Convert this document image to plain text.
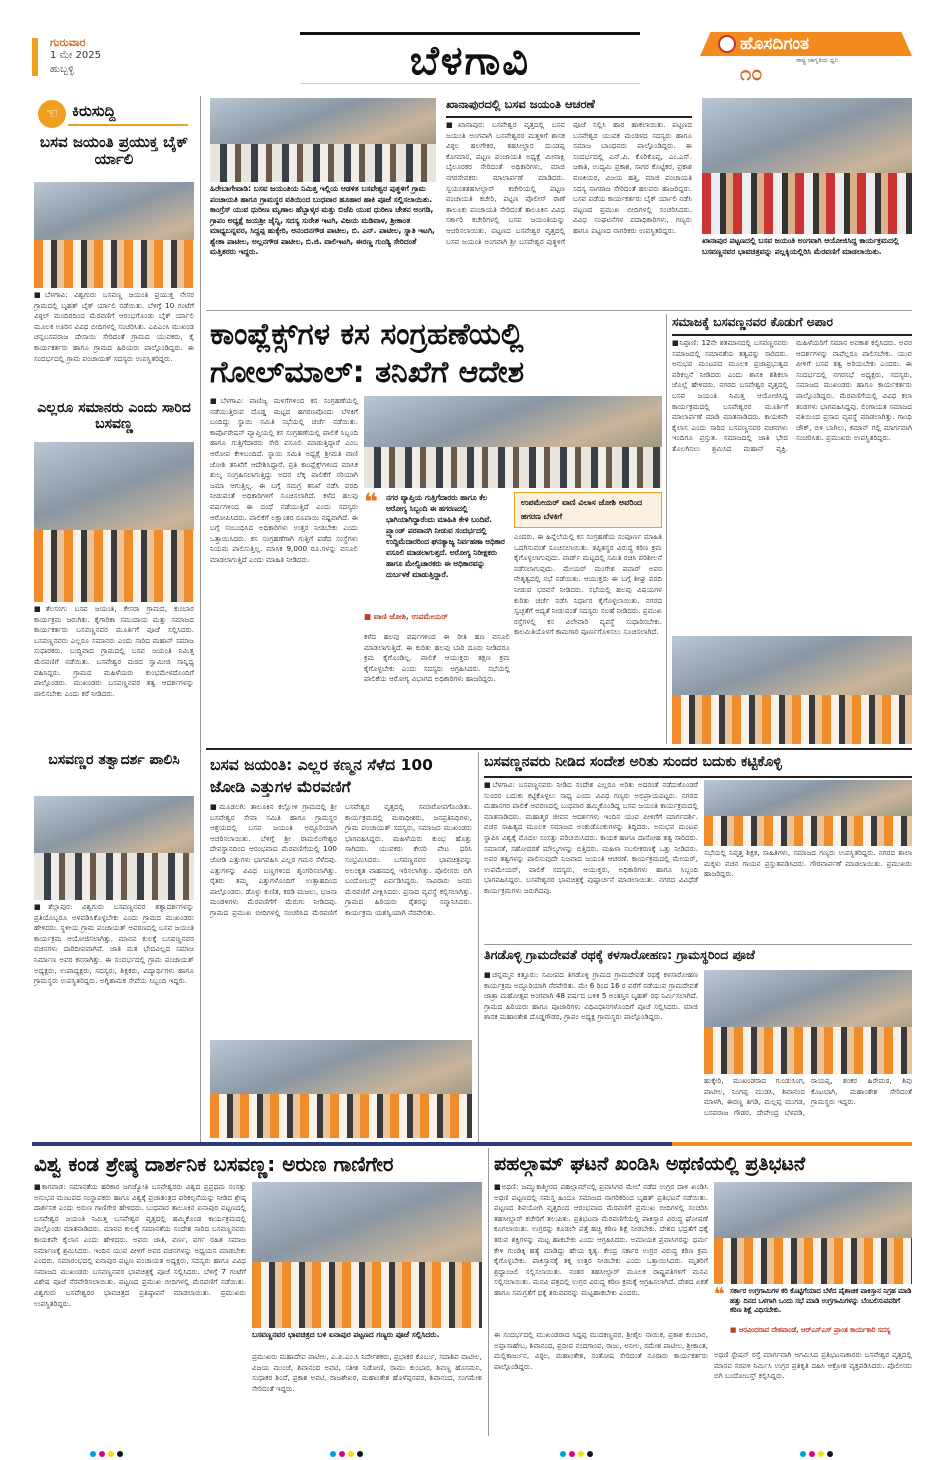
ಗುರುವಾರ
1 ಮೇ 2025
ಹುಬ್ಬಳ್ಳಿ	ಬೆಳಗಾವಿ	ಹೊಸದಿಗಂತ
ರಾಷ್ಟ್ರ ಜಾಗೃತಿಯ ಧ್ವನಿ
೧೦
☜ ಕಿರುಸುದ್ದಿ
ಬಸವ ಜಯಂತಿ ಪ್ರಯುಕ್ತ ಬೈಕ್ ರ್ಯಾಲಿ
■ಬೆಳಗಾವಿ: ವಿಶ್ವಗುರು ಬಸವಣ್ಣ ಜಯಂತಿ ಪ್ರಯುಕ್ತ ನೇಸರ ಗ್ರಾಮದಲ್ಲಿ ಬೃಹತ್ ಬೈಕ್ ರ್ಯಾಲಿ ನಡೆಯಿತು. ಬೆಳಿಗ್ಗೆ 10 ಗಂಟೆಗೆ ವಿಠ್ಠಲ್ ಮಂದಿರದಿಂದ ಮೆರವಣಿಗೆ ಆರಂಭಗೊಂಡು ಬೈಕ್ ರ್ಯಾಲಿ ಮೂಲಕ ಊರಿನ ವಿವಿಧ ಬೀದಿಗಳಲ್ಲಿ ಸಂಚರಿಸಿತು. ಎಪಿಎಂಸಿ ಮುಖಂಡ ಚನ್ನಬಸವರಾಜ ದೇಸಾಯಿ ಸೇರಿದಂತೆ ಗ್ರಾಮದ ಯುವಕರು, ಕೈ ಕಾರ್ಯಕರ್ತರು ಹಾಗೂ ಗ್ರಾಮದ ಹಿರಿಯರು ಪಾಲ್ಗೊಂಡಿದ್ದರು. ಈ ಸಂದರ್ಭದಲ್ಲಿ ಗ್ರಾಮ ಪಂಚಾಯತ್ ಸದಸ್ಯರು ಉಪಸ್ಥಿತರಿದ್ದರು.
ಎಲ್ಲರೂ ಸಮಾನರು ಎಂದು ಸಾರಿದ ಬಸವಣ್ಣ
■ತೆಲಸಂಗ: ಬಸವ ಜಯಂತಿ, ಕೇಸರಾ ಗ್ರಾಮದ, ಕುಂಬಾರ ಕಾರ್ಯಕ್ರಮ ಜರುಗಿತು. ಕೈಗಾರಿಕಾ ಸಮುದಾಯ ಮತ್ತು ಸಮಾಜದ ಕಾರ್ಯಕರ್ತರು ಬಸವಣ್ಣನವರ ಮೂರ್ತಿಗೆ ಪೂಜೆ ಸಲ್ಲಿಸಿದರು. ಬಸವಣ್ಣನವರು ಎಲ್ಲರೂ ಸಮಾನರು ಎಂದು ಸಾರಿದ ಮಹಾನ್ ಸಮಾಜ ಸುಧಾರಕರು. ಬುದ್ಧಿವಾದ ಗ್ರಾಮದಲ್ಲಿ ಬಸವ ಜಯಂತಿ ನಿಮಿತ್ತ ಮೆರವಣಿಗೆ ನಡೆಯಿತು. ಬಸವೇಶ್ವರ ಮಠದ ಸ್ವಾಮೀಜಿ ಸಾನ್ನಿಧ್ಯ ವಹಿಸಿದ್ದರು. ಗ್ರಾಮದ ಮಹಿಳೆಯರು ಕುಂಭಮೇಳದೊಂದಿಗೆ ಪಾಲ್ಗೊಂಡರು. ಮುಖಂಡರು ಬಸವಣ್ಣನವರ ತತ್ವ ಆದರ್ಶಗಳನ್ನು ಪಾಲಿಸಬೇಕು ಎಂದು ಕರೆ ನೀಡಿದರು.
ಬಸವಣ್ಣರ ತತ್ವಾದರ್ಶ ಪಾಲಿಸಿ
■ತೆಲ್ಲಾಪುರ: ವಿಶ್ವಗುರು ಬಸವಣ್ಣನವರ ತತ್ವಾದರ್ಶಗಳನ್ನು ಪ್ರತಿಯೊಬ್ಬರೂ ಅಳವಡಿಸಿಕೊಳ್ಳಬೇಕು ಎಂದು ಗ್ರಾಮದ ಮುಖಂಡರು ಹೇಳಿದರು. ಸ್ಥಳೀಯ ಗ್ರಾಮ ಪಂಚಾಯತ್ ಆವರಣದಲ್ಲಿ ಬಸವ ಜಯಂತಿ ಕಾರ್ಯಕ್ರಮ ಆಯೋಜಿಸಲಾಗಿತ್ತು. ಮಾನವ ಕುಲಕ್ಕೆ ಬಸವಣ್ಣನವರ ವಚನಗಳು ದಾರಿದೀಪವಾಗಿವೆ. ಜಾತಿ ಮತ ಭೇದವಿಲ್ಲದ ಸಮಾಜ ನಿರ್ಮಾಣ ಅವರ ಕನಸಾಗಿತ್ತು. ಈ ಸಂದರ್ಭದಲ್ಲಿ ಗ್ರಾಮ ಪಂಚಾಯತ್ ಅಧ್ಯಕ್ಷರು, ಉಪಾಧ್ಯಕ್ಷರು, ಸದಸ್ಯರು, ಶಿಕ್ಷಕರು, ವಿದ್ಯಾರ್ಥಿಗಳು ಹಾಗೂ ಗ್ರಾಮಸ್ಥರು ಉಪಸ್ಥಿತರಿದ್ದರು. ಅಗ್ನಿಶಾಮಕ ಸೇವೆಯ ಸಿಬ್ಬಂದಿ ಇದ್ದರು.
ಹಿರೇಬಾಗೇವಾಡಿ: ಬಸವ ಜಯಂತಿಯ ನಿಮಿತ್ತ ಇಲ್ಲಿಯ ಆಡಳಿತ ಬಸವೇಶ್ವರ ಪುತ್ಥಳಿಗೆ ಗ್ರಾಮ ಪಂಚಾಯತಿ ಹಾಗೂ ಗ್ರಾಮಸ್ಥರ ವತಿಯಿಂದ ಬುಧವಾರ ಹೂಹಾರ ಹಾಕಿ ಪೂಜೆ ಸಲ್ಲಿಸಲಾಯಿತು. ಕಾಂಗ್ರೆಸ್ ಯುವ ಧುರೀಣ ಮೃಣಾಲ ಹೆಬ್ಬಾಳ್ಕರ ಮತ್ತು ಬಿಜೆಪಿ ಯುವ ಧುರೀಣ ಚೇತನ ಅಂಗಡಿ, ಗ್ರಾಪಂ ಅಧ್ಯಕ್ಷೆ ಜಯಶ್ರೀ ಜೈನ್ನಿ, ಸದಸ್ಯ ಸುರೇಶ ಇಟಗಿ, ವಿಜಯ ಮಡಿವಾಳ, ಶ್ರೀಕಾಂತ ಮಾಧ್ಯಬನ್ನವರ, ಸಿದ್ದಪ್ಪ ಹುಕ್ಕೇರಿ, ಅನಂದನಗೌಡ ಪಾಟೀಲ, ಬಿ. ಎನ್. ಪಾಟೀಲ, ಸ್ನಾತಿ ಇಟಗಿ, ಶ್ವೇತಾ ಪಾಟೀಲ, ಅಲ್ಲನಗೌಡ ಪಾಟೀಲ, ಬಿ.ಜಿ. ವಾಲಿಇಟಗಿ, ಈರಣ್ಣ ಗುಂಡ್ಯಿ ಸೇರಿದಂತೆ ಮತ್ತಿತರರು ಇದ್ದರು.
ಖಾನಾಪುರದಲ್ಲಿ ಬಸವ ಜಯಂತಿ ಆಚರಣೆ
■ಖಾನಾಪುರ: ಬಸವೇಶ್ವರ ವೃತ್ತದಲ್ಲಿ ಬಸವ ಜಯಂತಿ ಅಂಗವಾಗಿ ಬಸವೇಶ್ವರರ ಮತ್ತಳಿಗೆ ಶಾಸಕ ವಿಠ್ಠಲ ಹಲಗೇಕರ, ತಹಸೀಲ್ದಾರ ದುಂಡಪ್ಪ ಕೋಮಾರ, ಪಟ್ಟಣ ಪಂಚಾಯತಿ ಅಧ್ಯಕ್ಷೆ ಮೀನಾಕ್ಷಿ ಬೈಲೂರಕರ ಸೇರಿದಂತೆ ಅಧಿಕಾರಿಗಳು, ಮಾಜಿ ನಗರಸೇವಕರು ಮಾಲಾರ್ಪಣೆ ಮಾಡಿದರು. ಸ್ವಯಂತತಹಸೀಲ್ದಾರ್ ಕಚೇರಿಯಲ್ಲಿ ಪಟ್ಟಣ ಪಂಚಾಯತಿ ಕಚೇರಿ, ಪಟ್ಟಣ ಪೊಲೀಸ್ ಠಾಣೆ ತಾಲೂಕು ಪಂಚಾಯತಿ ಸೇರಿದಂತೆ ತಾಲೂಕಿನ ವಿವಿಧ ಸರ್ಕಾರಿ ಕಚೇರಿಗಳಲ್ಲಿ ಬಸವ ಜಯಂತಿಯನ್ನು ಆಚರಿಸಲಾಯಿತು. ಪಟ್ಟಣದ ಬಸವೇಶ್ವರ ವೃತ್ತದಲ್ಲಿ ಬಸವ ಜಯಂತಿ ಅಂಗವಾಗಿ ಶ್ರೀ ಬಸವೇಶ್ವರ ಪುತ್ಥಳಿಗೆ ಪೂಜೆ ಸಲ್ಲಿಸಿ ಹಾರ ಹಾಕಲಾಯಿತು. ಪಟ್ಟಣದ ಬಸವೇಶ್ವರ ಯುವಕ ಮಂಡಳದ ಸದಸ್ಯರು ಹಾಗೂ ಸಮಾಜ ಬಾಂಧವರು ಪಾಲ್ಗೊಂಡಿದ್ದರು. ಈ ಸಂದರ್ಭದಲ್ಲಿ ಎನ್.ಪಿ. ಕೊರಿಕೊಪ್ಪ, ಎಂ.ಎಸ್. ಜಕಾತಿ, ಉದ್ಯಮಿ ಪ್ರಕಾಶ, ಸಾಗರ ಕೊಟ್ಟಿಕರ, ಪ್ರಕಾಶ ವಣಕಿಯರ, ವಿಜಯ ಹತ್ತಿ, ಮಾಜಿ ಪಂಚಾಯತಿ ಸದಸ್ಯ ನಾಗರಾಜ ಸೇರಿದಂತೆ ಹಲವರು ಹಾಜರಿದ್ದರು. ಬಸವ ಪಡೆಯ ಕಾರ್ಯಕರ್ತರು ಬೈಕ್ ರ್ಯಾಲಿ ನಡೆಸಿ ಪಟ್ಟಣದ ಪ್ರಮುಖ ಬೀದಿಗಳಲ್ಲಿ ಸಂಚರಿಸಿದರು. ವಿವಿಧ ಸಂಘಟನೆಗಳ ಪದಾಧಿಕಾರಿಗಳು, ಗಣ್ಯರು ಹಾಗೂ ಪಟ್ಟಣದ ನಾಗರಿಕರು ಉಪಸ್ಥಿತರಿದ್ದರು.
ಖಾನಾಪುರ ಪಟ್ಟಣದಲ್ಲಿ ಬಸವ ಜಯಂತಿ ಅಂಗವಾಗಿ ಆಯೋಜಿಸಿದ್ದ ಕಾರ್ಯಕ್ರಮದಲ್ಲಿ ಬಸವಣ್ಣನವರ ಭಾವಚಿತ್ರವನ್ನು ಪಲ್ಲಕ್ಕಿಯಲ್ಲಿರಿಸಿ ಮೆರವಣಿಗೆ ಮಾಡಲಾಯಿತು.
ಕಾಂಪ್ಲೆಕ್ಸ್‌ಗಳ ಕಸ ಸಂಗ್ರಹಣೆಯಲ್ಲಿ ಗೋಲ್‌ಮಾಲ್: ತನಿಖೆಗೆ ಆದೇಶ
■ಬೆಳಗಾವಿ: ವಾಣಿಜ್ಯ ಮಳಿಗೆಗಳಿಂದ ಕಸ ಸಂಗ್ರಹಣೆಯಲ್ಲಿ ನಡೆಯುತ್ತಿರುವ ದೊಡ್ಡ ಮಟ್ಟದ ಹಗರಣವೊಂದು ಬೆಳಕಿಗೆ ಬಂದಿದ್ದು ಸ್ಥಾಯಿ ಸಮಿತಿ ಸಭೆಯಲ್ಲಿ ಚರ್ಚೆ ನಡೆಯಿತು. ಕಾರ್ಪೊರೇಷನ್ ವ್ಯಾಪ್ತಿಯಲ್ಲಿ ಕಸ ಸಂಗ್ರಹಣೆಯಲ್ಲಿ ಪಾಲಿಕೆ ಸಿಬ್ಬಂದಿ ಹಾಗೂ ಗುತ್ತಿಗೆದಾರರು ಸೇರಿ ವಸೂಲಿ ಮಾಡುತ್ತಿದ್ದಾರೆ ಎಂಬ ಆರೋಪ ಕೇಳಿಬಂದಿದೆ. ಸ್ಥಾಯಿ ಸಮಿತಿ ಅಧ್ಯಕ್ಷೆ ಶ್ರೀಮತಿ ವಾಣಿ ಜೋಶಿ ತನಿಖೆಗೆ ಆದೇಶಿಸಿದ್ದಾರೆ. ಪ್ರತಿ ಕಾಂಪ್ಲೆಕ್ಸ್‌ಗಳಿಂದ ಮಾಸಿಕ ಶುಲ್ಕ ಸಂಗ್ರಹಿಸಲಾಗುತ್ತಿದ್ದು ಅದರ ಲೆಕ್ಕ ಪಾಲಿಕೆಗೆ ಸರಿಯಾಗಿ ಜಮಾ ಆಗುತ್ತಿಲ್ಲ. ಈ ಬಗ್ಗೆ ಸಮಗ್ರ ತನಿಖೆ ನಡೆಸಿ ವರದಿ ನೀಡುವಂತೆ ಅಧಿಕಾರಿಗಳಿಗೆ ಸೂಚಿಸಲಾಗಿದೆ. ಕಳೆದ ಹಲವು ವರ್ಷಗಳಿಂದ ಈ ದಂಧೆ ನಡೆಯುತ್ತಿದೆ ಎಂದು ಸದಸ್ಯರು ಆರೋಪಿಸಿದರು. ಪಾಲಿಕೆಗೆ ಲಕ್ಷಾಂತರ ರೂಪಾಯಿ ನಷ್ಟವಾಗಿದೆ. ಈ ಬಗ್ಗೆ ಸಂಬಂಧಿಸಿದ ಅಧಿಕಾರಿಗಳು ಉತ್ತರ ನೀಡಬೇಕು ಎಂದು ಒತ್ತಾಯಿಸಿದರು. ಕಸ ಸಂಗ್ರಹಣೆಗಾಗಿ ಗುತ್ತಿಗೆ ಪಡೆದ ಸಂಸ್ಥೆಗಳು ನಿಯಮ ಪಾಲಿಸುತ್ತಿಲ್ಲ. ಮಾಸಿಕ 9,000 ರೂ.ಗಳನ್ನು ವಸೂಲಿ ಮಾಡಲಾಗುತ್ತಿದೆ ಎಂದು ಮಾಹಿತಿ ನೀಡಿದರು.
❝ ನಗರ ವ್ಯಾಪ್ತಿಯ ಗುತ್ತಿಗೆದಾರರು ಹಾಗೂ ಕೆಲ ಆರೋಗ್ಯ ಸಿಬ್ಬಂದಿ ಈ ಹಗರಣದಲ್ಲಿ ಭಾಗಿಯಾಗಿದ್ದಾರೆಂದು ಮಾಹಿತಿ ಕೇಳಿ ಬಂದಿವೆ. ಪ್ರ್ಯಾಂಡ್ ಪರವಾನಗಿ ನೀಡುವ ಸಂದರ್ಭದಲ್ಲಿ ಉದ್ದಿಮೆದಾರರಿಂದ ಘನತ್ಯಾಜ್ಯ ನಿರ್ವಹಣಾ ಅಧಿಕಾರ ವಸೂಲಿ ಮಾಡಲಾಗುತ್ತದೆ. ಅರೋಗ್ಯ ನಿರೀಕ್ಷಕರು ಹಾಗೂ ಮೇಲ್ವಿಚಾರಕರು ಈ ಅಧಿಕಾರವನ್ನು ದುರ್ಬಳಕೆ ಮಾಡುತ್ತಿದ್ದಾರೆ.
■ ವಾಣಿ ಜೋಶಿ, ಉಪಮೇಯರ್
ಉಪಮೇಯರ್ ವಾಣಿ ವಿಲಾಸ ಜೋಶಿ ಅವರಿಂದ ಹಗರಣ ಬೆಳಕಿಗೆ
ಎಂದರು. ಈ ಹಿನ್ನೆಲೆಯಲ್ಲಿ ಕಸ ಸಂಗ್ರಹಣೆಯ ಸಂಪೂರ್ಣ ಮಾಹಿತಿ ಒದಗಿಸುವಂತೆ ಸೂಚಿಸಲಾಯಿತು. ತಪ್ಪಿತಸ್ಥರ ವಿರುದ್ಧ ಕಠಿಣ ಕ್ರಮ ಕೈಗೊಳ್ಳಲಾಗುವುದು. ವಾರ್ಡ್ ಮಟ್ಟದಲ್ಲಿ ಸಮಿತಿ ರಚಿಸಿ ಪರಿಶೀಲನೆ ನಡೆಸಲಾಗುವುದು. ಮೇಯರ್ ಮಂಗೇಶ ಪವಾರ್ ಅವರ ನೇತೃತ್ವದಲ್ಲಿ ಸಭೆ ನಡೆಯಿತು. ಆಯುಕ್ತರು ಈ ಬಗ್ಗೆ ಶೀಘ್ರ ವರದಿ ನೀಡುವ ಭರವಸೆ ನೀಡಿದರು. ಸಭೆಯಲ್ಲಿ ಹಲವು ವಿಷಯಗಳ ಕುರಿತು ಚರ್ಚೆ ನಡೆಸಿ ನಿರ್ಧಾರ ಕೈಗೊಳ್ಳಲಾಯಿತು. ನಗರದ ಸ್ವಚ್ಛತೆಗೆ ಆದ್ಯತೆ ನೀಡುವಂತೆ ಸದಸ್ಯರು ಸಲಹೆ ನೀಡಿದರು. ಪ್ರಮುಖ ರಸ್ತೆಗಳಲ್ಲಿ ಕಸ ವಿಲೇವಾರಿ ವ್ಯವಸ್ಥೆ ಸುಧಾರಿಸಬೇಕು. ಕಾಲಮಿತಿಯೊಳಗೆ ಕಾಮಗಾರಿ ಪೂರ್ಣಗೊಳಿಸಲು ಸೂಚಿಸಲಾಗಿದೆ.
ಕಳೆದ ಹಲವು ವರ್ಷಗಳಿಂದ ಈ ರೀತಿ ಹಣ ವಸೂಲಿ ಮಾಡಲಾಗುತ್ತಿದೆ. ಈ ಕುರಿತು ಹಲವು ಬಾರಿ ದೂರು ನೀಡಿದರೂ ಕ್ರಮ ಕೈಗೊಂಡಿಲ್ಲ. ಪಾಲಿಕೆ ಆಯುಕ್ತರು ತಕ್ಷಣ ಕ್ರಮ ಕೈಗೊಳ್ಳಬೇಕು ಎಂದು ಸದಸ್ಯರು ಆಗ್ರಹಿಸಿದರು. ಸಭೆಯಲ್ಲಿ ಪಾಲಿಕೆಯ ಆರೋಗ್ಯ ವಿಭಾಗದ ಅಧಿಕಾರಿಗಳು ಹಾಜರಿದ್ದರು.
ಸಮಾಜಕ್ಕೆ ಬಸವಣ್ಣನವರ ಕೊಡುಗೆ ಅಪಾರ
■ನಿಪ್ಪಾಣಿ: 12ನೇ ಶತಮಾನದಲ್ಲಿ ಬಸವಣ್ಣನವರು ಸಮಾಜದಲ್ಲಿ ಸಮಾನತೆಯ ತತ್ವವನ್ನು ಸಾರಿದರು. ಅನುಭವ ಮಂಟಪದ ಮೂಲಕ ಪ್ರಜಾಪ್ರಭುತ್ವದ ಪರಿಕಲ್ಪನೆ ನೀಡಿದರು ಎಂದು ಶಾಸಕಿ ಶಶಿಕಲಾ ಜೊಲ್ಲೆ ಹೇಳಿದರು. ನಗರದ ಬಸವೇಶ್ವರ ವೃತ್ತದಲ್ಲಿ ಬಸವ ಜಯಂತಿ ನಿಮಿತ್ತ ಆಯೋಜಿಸಿದ್ದ ಕಾರ್ಯಕ್ರಮದಲ್ಲಿ ಬಸವೇಶ್ವರರ ಮೂರ್ತಿಗೆ ಮಾಲಾರ್ಪಣೆ ಮಾಡಿ ಮಾತನಾಡಿದರು. ಕಾಯಕವೇ ಕೈಲಾಸ ಎಂದು ಸಾರಿದ ಬಸವಣ್ಣನವರ ವಚನಗಳು ಇಂದಿಗೂ ಪ್ರಸ್ತುತ. ಸಮಾಜದಲ್ಲಿ ಜಾತಿ ಭೇದ ತೊಲಗಿಸಲು ಶ್ರಮಿಸಿದ ಮಹಾನ್ ವ್ಯಕ್ತಿ. ಮಹಿಳೆಯರಿಗೆ ಸಮಾನ ಅವಕಾಶ ಕಲ್ಪಿಸಿದರು. ಅವರ ಆದರ್ಶಗಳನ್ನು ನಾವೆಲ್ಲರೂ ಪಾಲಿಸಬೇಕು. ಯುವ ಪೀಳಿಗೆ ಬಸವ ತತ್ವ ಅರಿಯಬೇಕು ಎಂದರು. ಈ ಸಂದರ್ಭದಲ್ಲಿ ನಗರಸಭೆ ಅಧ್ಯಕ್ಷರು, ಸದಸ್ಯರು, ಸಮಾಜದ ಮುಖಂಡರು ಹಾಗೂ ಕಾರ್ಯಕರ್ತರು ಪಾಲ್ಗೊಂಡಿದ್ದರು. ಮೆರವಣಿಗೆಯಲ್ಲಿ ವಿವಿಧ ಕಲಾ ತಂಡಗಳು ಭಾಗವಹಿಸಿದ್ದವು. ಲಿಂಗಾಯತ ಸಮಾಜದ ವತಿಯಿಂದ ಪ್ರಸಾದ ವ್ಯವಸ್ಥೆ ಮಾಡಲಾಗಿತ್ತು. ಗಾಂಧಿ ಚೌಕ್, ಬಿಳಿ ಬಾಗಿಲು, ಕಮಾನ್ ಗಲ್ಲಿ ಮಾರ್ಗವಾಗಿ ಸಂಚರಿಸಿತು. ಪ್ರಮುಖರು ಉಪಸ್ಥಿತರಿದ್ದರು.
ಬಸವ ಜಯಂತಿ: ಎಲ್ಲರ ಕಣ್ಮನ ಸೆಳೆದ 100 ಜೋಡಿ ಎತ್ತುಗಳ ಮೆರವಣಿಗೆ
■ಮೂಡಲಗಿ: ತಾಲೂಕಿನ ಕಲ್ಲೋಳಿ ಗ್ರಾಮದಲ್ಲಿ ಶ್ರೀ ಬಸವೇಶ್ವರ ಸೇವಾ ಸಮಿತಿ ಹಾಗೂ ಗ್ರಾಮಸ್ಥರ ಆಶ್ರಯದಲ್ಲಿ ಬಸವ ಜಯಂತಿ ಅದ್ದೂರಿಯಾಗಿ ಆಚರಿಸಲಾಯಿತು. ಬೆಳಿಗ್ಗೆ ಶ್ರೀ ರಾಮಲಿಂಗೇಶ್ವರ ದೇವಸ್ಥಾನದಿಂದ ಆರಂಭವಾದ ಮೆರವಣಿಗೆಯಲ್ಲಿ 100 ಜೋಡಿ ಎತ್ತುಗಳು ಭಾಗವಹಿಸಿ ಎಲ್ಲರ ಗಮನ ಸೆಳೆದವು. ಎತ್ತುಗಳನ್ನು ವಿವಿಧ ಬಣ್ಣಗಳಿಂದ ಶೃಂಗರಿಸಲಾಗಿತ್ತು. ರೈತರು ತಮ್ಮ ಎತ್ತುಗಳೊಂದಿಗೆ ಉತ್ಸಾಹದಿಂದ ಪಾಲ್ಗೊಂಡರು. ಡೊಳ್ಳು ಕುಣಿತ, ಕರಡಿ ಮಜಲು, ಭಜನಾ ಮಂಡಳಿಗಳು ಮೆರವಣಿಗೆಗೆ ಮೆರುಗು ನೀಡಿದವು. ಗ್ರಾಮದ ಪ್ರಮುಖ ಬೀದಿಗಳಲ್ಲಿ ಸಂಚರಿಸಿದ ಮೆರವಣಿಗೆ ಬಸವೇಶ್ವರ ವೃತ್ತದಲ್ಲಿ ಸಮಾರೋಪಗೊಂಡಿತು. ಕಾರ್ಯಕ್ರಮದಲ್ಲಿ ಮಠಾಧೀಶರು, ಜನಪ್ರತಿನಿಧಿಗಳು, ಗ್ರಾಮ ಪಂಚಾಯತ್ ಸದಸ್ಯರು, ಸಮಾಜದ ಮುಖಂಡರು ಭಾಗವಹಿಸಿದ್ದರು. ಮಹಿಳೆಯರು ಕುಂಭ ಹೊತ್ತು ಸಾಗಿದರು. ಯುವಕರು ಕೇಸರಿ ಪೇಟ ಧರಿಸಿ ಸಂಭ್ರಮಿಸಿದರು. ಬಸವಣ್ಣನವರ ಭಾವಚಿತ್ರವನ್ನು ಅಲಂಕೃತ ವಾಹನದಲ್ಲಿ ಇರಿಸಲಾಗಿತ್ತು. ಪೊಲೀಸರು ಬಿಗಿ ಬಂದೋಬಸ್ತ್ ಏರ್ಪಡಿಸಿದ್ದರು. ಸಾವಿರಾರು ಜನರು ಮೆರವಣಿಗೆ ವೀಕ್ಷಿಸಿದರು. ಪ್ರಸಾದ ವ್ಯವಸ್ಥೆ ಕಲ್ಪಿಸಲಾಗಿತ್ತು. ಗ್ರಾಮದ ಹಿರಿಯರು ರೈತರನ್ನು ಸನ್ಮಾನಿಸಿದರು. ಕಾರ್ಯಕ್ರಮ ಯಶಸ್ವಿಯಾಗಿ ನೆರವೇರಿತು.
ಬಸವಣ್ಣನವರು ನೀಡಿದ ಸಂದೇಶ ಅರಿತು ಸುಂದರ ಬದುಕು ಕಟ್ಟಿಕೊಳ್ಳಿ
■ಬೆಳಗಾವಿ: ಬಸವಣ್ಣನವರು ನೀಡಿದ ಸಂದೇಶ ಎಲ್ಲರೂ ಅರಿತು ಅದರಂತೆ ನಡೆದುಕೊಂಡರೆ ಸುಂದರ ಬದುಕು ಕಟ್ಟಿಕೊಳ್ಳಲು ಸಾಧ್ಯ ಎಂದು ವಿವಿಧ ಗಣ್ಯರು ಅಭಿಪ್ರಾಯಪಟ್ಟರು. ನಗರದ ಮಹಾನಗರ ಪಾಲಿಕೆ ಆವರಣದಲ್ಲಿ ಬುಧವಾರ ಹಮ್ಮಿಕೊಂಡಿದ್ದ ಬಸವ ಜಯಂತಿ ಕಾರ್ಯಕ್ರಮದಲ್ಲಿ ಮಾತನಾಡಿದರು. ಮಹಾತ್ಮರ ಜೀವನ ಆದರ್ಶಗಳು ಇಂದಿನ ಯುವ ಪೀಳಿಗೆಗೆ ಮಾರ್ಗದರ್ಶಿ. ವಚನ ಸಾಹಿತ್ಯದ ಮೂಲಕ ಸಮಾಜದ ಅಂಕುಡೊಂಕುಗಳನ್ನು ತಿದ್ದಿದರು. ಅನುಭವ ಮಂಟಪ ಸ್ಥಾಪಿಸಿ ವಿಶ್ವಕ್ಕೆ ಮೊದಲ ಸಂಸತ್ತು ಪರಿಚಯಿಸಿದರು. ಕಾಯಕ ಹಾಗೂ ದಾಸೋಹ ತತ್ವ ಸಾರಿದರು. ಸಮಾನತೆ, ಸಹೋದರತೆ ಮೌಲ್ಯಗಳನ್ನು ಬಿತ್ತಿದರು. ಮಹಿಳಾ ಸಬಲೀಕರಣಕ್ಕೆ ಒತ್ತು ನೀಡಿದರು. ಅವರ ತತ್ವಗಳನ್ನು ಪಾಲಿಸುವುದೇ ನಿಜವಾದ ಜಯಂತಿ ಆಚರಣೆ. ಕಾರ್ಯಕ್ರಮದಲ್ಲಿ ಮೇಯರ್, ಉಪಮೇಯರ್, ಪಾಲಿಕೆ ಸದಸ್ಯರು, ಆಯುಕ್ತರು, ಅಧಿಕಾರಿಗಳು ಹಾಗೂ ಸಿಬ್ಬಂದಿ ಭಾಗವಹಿಸಿದ್ದರು. ಬಸವೇಶ್ವರರ ಭಾವಚಿತ್ರಕ್ಕೆ ಪುಷ್ಪಾರ್ಚನೆ ಮಾಡಲಾಯಿತು. ನಗರದ ವಿವಿಧೆಡೆ ಕಾರ್ಯಕ್ರಮಗಳು ಜರುಗಿದವು.
ಸಭೆಯಲ್ಲಿ ನಿವೃತ್ತ ಶಿಕ್ಷಕ, ಸಾಹಿತಿಗಳು, ಸಮಾಜದ ಗಣ್ಯರು ಉಪಸ್ಥಿತರಿದ್ದರು. ನಗರದ ಶಾಲಾ ಮಕ್ಕಳು ವಚನ ಗಾಯನ ಪ್ರಸ್ತುತಪಡಿಸಿದರು. ಗೌರವಾರ್ಪಣೆ ಮಾಡಲಾಯಿತು. ಪ್ರಮುಖರು ಹಾಜರಿದ್ದರು.
ತಿಗಡೊಳ್ಳಿ ಗ್ರಾಮದೇವತೆ ರಥಕ್ಕೆ ಕಳಸಾರೋಹಣ: ಗ್ರಾಮಸ್ಥರಿಂದ ಪೂಜೆ
■ಚನ್ನಮ್ಮನ ಕಿತ್ತೂರು: ಸಮೀಪದ ತಿಗಡೊಳ್ಳಿ ಗ್ರಾಮದ ಗ್ರಾಮದೇವತೆ ರಥಕ್ಕೆ ಕಳಸಾರೋಹಣ ಕಾರ್ಯಕ್ರಮ ಅದ್ದೂರಿಯಾಗಿ ನೆರವೇರಿತು. ಮೇ 6 ರಿಂದ 16 ರ ವರೆಗೆ ನಡೆಯುವ ಗ್ರಾಮದೇವತೆ ಜಾತ್ರಾ ಮಹೋತ್ಸವ ಅಂಗವಾಗಿ 48 ವರ್ಷದ ಬಳಿಕ 5 ಅಂತಸ್ತಿನ ಬೃಹತ್ ರಥ ನಿರ್ಮಿಸಲಾಗಿದೆ. ಗ್ರಾಮದ ಹಿರಿಯರು ಹಾಗೂ ಪೂಜಾರಿಗಳು ವಿಧಿವಿಧಾನಗಳೊಂದಿಗೆ ಪೂಜೆ ಸಲ್ಲಿಸಿದರು. ಮಾಜಿ ಶಾಸಕ ಮಹಾಂತೇಶ ದೊಡ್ಡಗೌಡರ, ಗ್ರಾಪಂ ಅಧ್ಯಕ್ಷ ಗ್ರಾಮಸ್ಥರು ಪಾಲ್ಗೊಂಡಿದ್ದರು.
ಹುಕ್ಕೇರಿ, ಮುಖಂಡರಾದ ಗುಂಡುಸಿಂಗ, ಪಾಟೀಲ, ನಿಂಗಪ್ಪ ಮುಡಸಿ, ಶಿವಾನಂದ ಮಾಳಗಿ, ಈರಣ್ಣ ತಿಗಡಿ, ಮಲ್ಲಪ್ಪ ಮುಗಡ, ಬಸವರಾಜ ಗೌಡರ, ದೇವೇಂದ್ರ ಬೆಳವಡಿ, ರಾಯಪ್ಪ, ಶಂಕರ ಹಿರೇಮಠ, ಶಿವು ಕೊಟಬಾಗಿ, ಮಹಾಂತೇಶ ಸೇರಿದಂತೆ ಗ್ರಾಮಸ್ಥರು ಇದ್ದರು.
ವಿಶ್ವ ಕಂಡ ಶ್ರೇಷ್ಠ ದಾರ್ಶನಿಕ ಬಸವಣ್ಣ: ಅರುಣ ಗಾಣಿಗೇರ
■ಕಾಗವಾಡ: ಸಮಾನತೆಯ ಹರಿಕಾರ ಜಗಜ್ಯೋತಿ ಬಸವೇಶ್ವರರು ವಿಶ್ವದ ಪ್ರಪ್ರಥಮ ಸಂಸತ್ತು ಅನುಭವ ಮಂಟಪದ ಸಂಸ್ಥಾಪಕರು ಹಾಗೂ ವಿಶ್ವಕ್ಕೆ ಪ್ರಜಾತಂತ್ರದ ಪರಿಕಲ್ಪನೆಯನ್ನು ನೀಡಿದ ಶ್ರೇಷ್ಠ ದಾರ್ಶನಿಕ ಎಂದು ಅರುಣ ಗಾಣಿಗೇರ ಹೇಳಿದರು. ಬುಧವಾರ ತಾಲೂಕಿನ ಐನಾಪುರ ಪಟ್ಟಣದಲ್ಲಿ ಬಸವೇಶ್ವರ ಜಯಂತಿ ನಿಮಿತ್ತ ಬಸವೇಶ್ವರ ವೃತ್ತದಲ್ಲಿ ಹಮ್ಮಿಕೊಂಡ ಕಾರ್ಯಕ್ರಮದಲ್ಲಿ ಪಾಲ್ಗೊಂಡು ಮಾತನಾಡಿದರು. ಮಾನವ ಕುಲಕ್ಕೆ ಸಮಾನತೆಯ ಸಂದೇಶ ಸಾರಿದ ಬಸವಣ್ಣನವರು ಕಾಯಕವೇ ಕೈಲಾಸ ಎಂದು ಹೇಳಿದರು. ಅವರು ಜಾತಿ, ವರ್ಣ, ವರ್ಗ ರಹಿತ ಸಮಾಜ ನಿರ್ಮಾಣಕ್ಕೆ ಶ್ರಮಿಸಿದರು. ಇಂದಿನ ಯುವ ಪೀಳಿಗೆ ಅವರ ವಚನಗಳನ್ನು ಅಧ್ಯಯನ ಮಾಡಬೇಕು ಎಂದರು. ಸಮಾರಂಭದಲ್ಲಿ ಐನಾಪುರ ಪಟ್ಟಣ ಪಂಚಾಯತ ಅಧ್ಯಕ್ಷರು, ಸದಸ್ಯರು ಹಾಗೂ ವಿವಿಧ ಸಮಾಜದ ಮುಖಂಡರು ಬಸವಣ್ಣನವರ ಭಾವಚಿತ್ರಕ್ಕೆ ಪೂಜೆ ಸಲ್ಲಿಸಿದರು. ಬೆಳಿಗ್ಗೆ 7 ಗಂಟೆಗೆ ವಿಶೇಷ ಪೂಜೆ ನೆರವೇರಿಸಲಾಯಿತು. ಪಟ್ಟಣದ ಪ್ರಮುಖ ಬೀದಿಗಳಲ್ಲಿ ಮೆರವಣಿಗೆ ನಡೆಯಿತು. ವಿಶ್ವಗುರು ಬಸವೇಶ್ವರರ ಭಾವಚಿತ್ರದ ಪ್ರತಿಷ್ಠಾಪನೆ ಮಾಡಲಾಯಿತು. ಪ್ರಮುಖರು ಉಪಸ್ಥಿತರಿದ್ದರು.
ಬಸವಣ್ಣನವರ ಭಾವಚಿತ್ರದ ಬಳಿ ಐನಾಪುರ ಪಟ್ಟಣದ ಗಣ್ಯರು ಪೂಜೆ ಸಲ್ಲಿಸಿದರು.
ಪ್ರಮುಖರು ಮಹಾದೇವ ಪಾಟೀಲ, ಎ.ಪಿ.ಎಂ.ಸಿ ನಿರ್ದೇಶಕರು, ಪ್ರಭಾಕರ ಕೊರ್ಬು, ಸದಾಶಿವ ಪಾಟೀಲ, ವಿಜಯ ಮುಂಜೆ, ಶಿವಾನಂದ ಅವಟಿ, ಸತೀಶ ನಿಡೋಣಿ, ರಾಮು ಕುಂಬಾರ, ಶಿವಣ್ಣ ಹೊಸಮನಿ, ಸುಧಾಕರ ಶಿಂದೆ, ಪ್ರಕಾಶ ಅವಟಿ, ರಾಜಶೇಖರ, ಮಹಾಂತೇಶ ಹೊಳೆಪ್ಪನವರ, ಶಿವಾನಂದ, ಸಂಗಮೇಶ ಸೇರಿದಂತೆ ಇದ್ದರು.
ಪಹಲ್ಗಾಮ್ ಘಟನೆ ಖಂಡಿಸಿ ಅಥಣಿಯಲ್ಲಿ ಪ್ರತಿಭಟನೆ
■ಅಥಣಿ: ಜಮ್ಮುಕಾಶ್ಮೀರದ ಪಹಲ್ಗಾಮ್‌ನಲ್ಲಿ ಪ್ರವಾಸಿಗರ ಮೇಲೆ ನಡೆದ ಉಗ್ರರ ದಾಳಿ ಖಂಡಿಸಿ ಅಥಣಿ ಪಟ್ಟಣದಲ್ಲಿ ಸಮಸ್ತ ಹಿಂದೂ ಸಮಾಜದ ನಾಗರಿಕರಿಂದ ಬೃಹತ್ ಪ್ರತಿಭಟನೆ ನಡೆಯಿತು. ಪಟ್ಟಣದ ಶಿವಯೋಗಿ ವೃತ್ತದಿಂದ ಆರಂಭವಾದ ಮೆರವಣಿಗೆ ಪ್ರಮುಖ ಬೀದಿಗಳಲ್ಲಿ ಸಂಚರಿಸಿ ತಹಸೀಲ್ದಾರ್ ಕಚೇರಿಗೆ ತಲುಪಿತು. ಪ್ರತಿಭಟನಾ ಮೆರವಣಿಗೆಯಲ್ಲಿ ಪಾಕಿಸ್ತಾನ ವಿರುದ್ಧ ಘೋಷಣೆ ಕೂಗಲಾಯಿತು. ಉಗ್ರರನ್ನು ಕೂಡಲೇ ಪತ್ತೆ ಹಚ್ಚಿ ಕಠಿಣ ಶಿಕ್ಷೆ ನೀಡಬೇಕು. ದೇಶದ ಭದ್ರತೆಗೆ ಧಕ್ಕೆ ತರುವ ಶಕ್ತಿಗಳನ್ನು ಮಟ್ಟ ಹಾಕಬೇಕು ಎಂದು ಆಗ್ರಹಿಸಿದರು. ಅಮಾಯಕ ಪ್ರವಾಸಿಗರನ್ನು ಧರ್ಮ ಕೇಳಿ ಗುಂಡಿಕ್ಕಿ ಹತ್ಯೆ ಮಾಡಿದ್ದು ಹೇಯ ಕೃತ್ಯ. ಕೇಂದ್ರ ಸರ್ಕಾರ ಉಗ್ರರ ವಿರುದ್ಧ ಕಠಿಣ ಕ್ರಮ ಕೈಗೊಳ್ಳಬೇಕು. ಪಾಕಿಸ್ತಾನಕ್ಕೆ ತಕ್ಕ ಉತ್ತರ ನೀಡಬೇಕು ಎಂದು ಒತ್ತಾಯಿಸಿದರು. ಮೃತರಿಗೆ ಶ್ರದ್ಧಾಂಜಲಿ ಸಲ್ಲಿಸಲಾಯಿತು. ನಂತರ ತಹಸೀಲ್ದಾರ್ ಮೂಲಕ ರಾಷ್ಟ್ರಪತಿಗಳಿಗೆ ಮನವಿ ಸಲ್ಲಿಸಲಾಯಿತು. ಮನವಿ ಪತ್ರದಲ್ಲಿ ಉಗ್ರರ ವಿರುದ್ಧ ಕಠಿಣ ಕ್ರಮಕ್ಕೆ ಆಗ್ರಹಿಸಲಾಗಿದೆ. ದೇಶದ ಏಕತೆ ಹಾಗೂ ಸಮಗ್ರತೆಗೆ ಧಕ್ಕೆ ತರುವವರನ್ನು ಮಟ್ಟಹಾಕಬೇಕು ಎಂದರು.
ಈ ಸಂದರ್ಭದಲ್ಲಿ ಮುಖಂಡರಾದ ಸಿದ್ದಪ್ಪ ಮುದಕಣ್ಣವರ, ಶ್ರೀಶೈಲ ನಾಯಿಕ, ಪ್ರಕಾಶ ಕುಂಬಾರ, ಅಪ್ಪಾಸಾಹೇಬ, ಶಿವಾನಂದ, ಪ್ರದೀಪ ನಂದಗಾಂವ, ರಾಜು, ಅನೀಲ, ರಮೇಶ ಪಾಟೀಲ, ಶ್ರೀಕಾಂತ, ಮಲ್ಲಿಕಾರ್ಜುನ, ವಿಠ್ಠಲ, ಮಹಾಂತೇಶ, ಸಂತೋಷ ಸೇರಿದಂತೆ ನೂರಾರು ಕಾರ್ಯಕರ್ತರು ಪಾಲ್ಗೊಂಡಿದ್ದರು.
❝ ಸರ್ಕಾರ ಉಗ್ರಗಾಮಿಗಳ ಕರಿ ಕೊಟ್ಟಿಗೆಯಾದ ಬೆಳೆದ ಪೈಶಾಚಿಕ ಪಾಕಿಸ್ತಾನ ನಿಗ್ರಹ ಮಾಡಿ ಹತ್ತು ದಿನದ ಒಳಗಾಗಿ ಒಂದು ಸಭೆ ಮಾಡಿ ಉಗ್ರಗಾಮಿಗಳನ್ನು ಬೆಂಬಲಿಸುವವರಿಗೆ ಕಠಿಣ ಶಿಕ್ಷೆ ವಿಧಿಸಬೇಕು.
■ ಅರವಿಂದರಾವ ದೇಶಪಾಂಡೆ, ಆರ್‌ಎಸ್‌ಎಸ್ ಪ್ರಾಂತ ಕಾರ್ಯಕಾರಿ ಸದಸ್ಯ
ಅಥಣಿ ಸ್ಟೇಷನ್ ರಸ್ತೆ ಮಾರ್ಗವಾಗಿ ಆಗಮಿಸಿದ ಪ್ರತಿಭಟನಾಕಾರರು ಬಸವೇಶ್ವರ ವೃತ್ತದಲ್ಲಿ ಮಾನವ ಸರಪಳಿ ನಿರ್ಮಿಸಿ ಉಗ್ರರ ಪ್ರತಿಕೃತಿ ದಹಿಸಿ ಆಕ್ರೋಶ ವ್ಯಕ್ತಪಡಿಸಿದರು. ಪೊಲೀಸರು ಬಿಗಿ ಬಂದೋಬಸ್ತ್ ಕಲ್ಪಿಸಿದ್ದರು.
